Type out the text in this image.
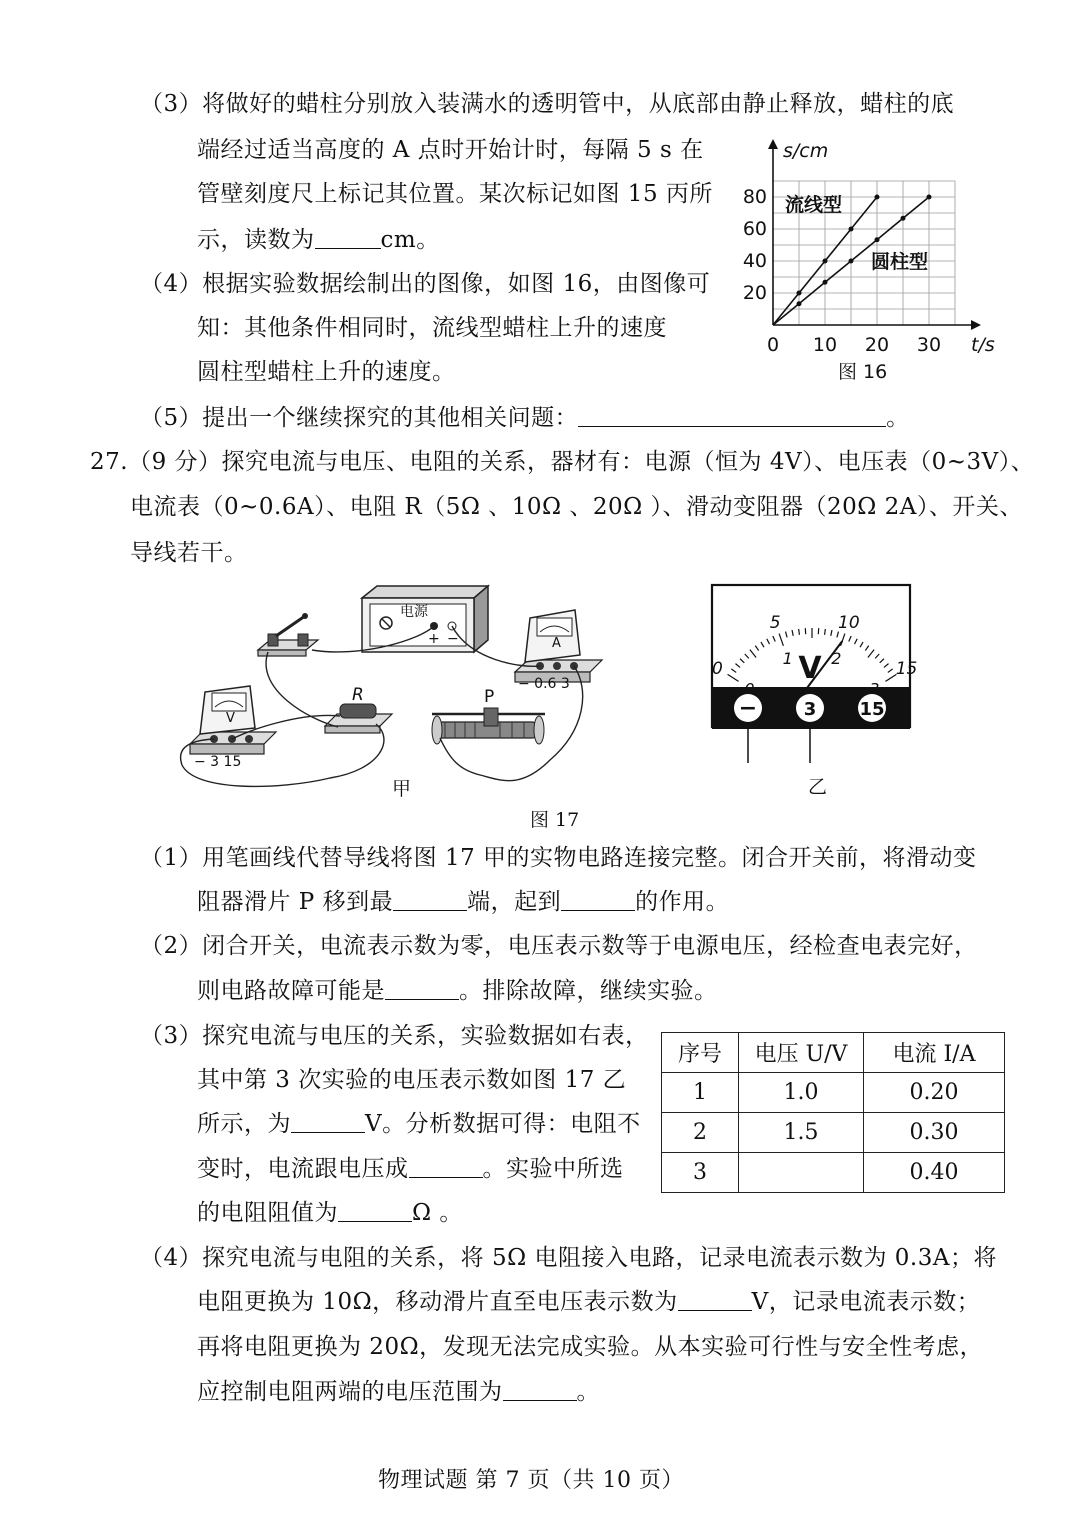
（3）将做好的蜡柱分别放入装满水的透明管中，从底部由静止释放，蜡柱的底
端经过适当高度的 A 点时开始计时，每隔 5 s 在
管壁刻度尺上标记其位置。某次标记如图 15 丙所
示，读数为	cm。
（4）根据实验数据绘制出的图像，如图 16，由图像可
知：其他条件相同时，流线型蜡柱上升的速度
圆柱型蜡柱上升的速度。
（5）提出一个继续探究的其他相关问题：	。
0 10 20 30
20
40
60
80
s/cm
t/s
流线型
圆柱型
图 16
27.（9 分）探究电流与电压、电阻的关系，器材有：电源（恒为 4V）、电压表（0~3V）、
电流表（0~0.6A）、电阻 R（5Ω 、10Ω 、20Ω ）、滑动变阻器（20Ω 2A）、开关、
导线若干。
电源
+ −	A
− 0.6 3
V
− 3 15
R	P
甲
0
5	10
15
1 2
V
−	3 15
乙
图 17
（1）用笔画线代替导线将图 17 甲的实物电路连接完整。闭合开关前，将滑动变
阻器滑片 P 移到最	端，起到	的作用。
（2）闭合开关，电流表示数为零，电压表示数等于电源电压，经检查电表完好，
则电路故障可能是	。排除故障，继续实验。
（3）探究电流与电压的关系，实验数据如右表，
其中第 3 次实验的电压表示数如图 17 乙
所示，为	V。分析数据可得：电阻不
变时，电流跟电压成	。实验中所选
的电阻阻值为	Ω 。
序号	电压 U/V	电流 I/A
1	1.0	0.20
2	1.5	0.30
3		0.40
（4）探究电流与电阻的关系，将 5Ω 电阻接入电路，记录电流表示数为 0.3A；将
电阻更换为 10Ω，移动滑片直至电压表示数为	V，记录电流表示数；
再将电阻更换为 20Ω，发现无法完成实验。从本实验可行性与安全性考虑，
应控制电阻两端的电压范围为	。
物理试题 第 7 页（共 10 页）
